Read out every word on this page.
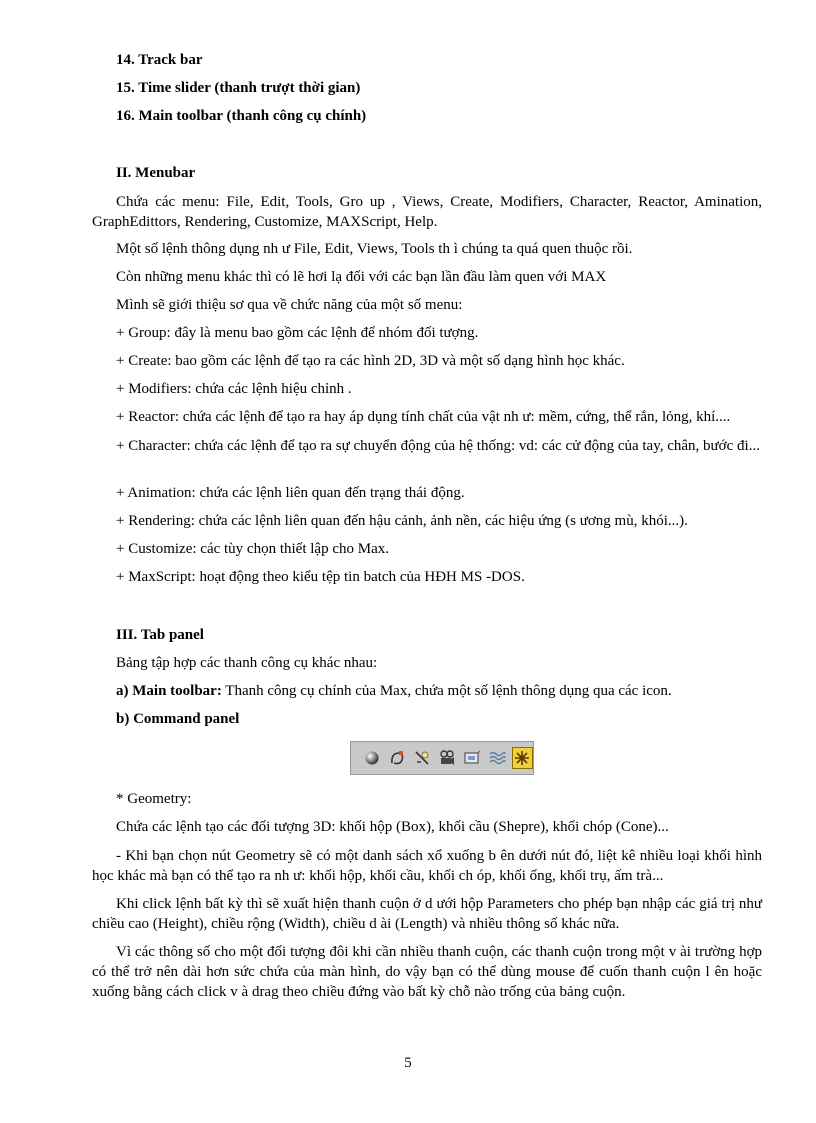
14. Track bar
15. Time slider (thanh trượt thời gian)
16. Main toolbar (thanh công cụ chính)
II. Menubar
Chứa các menu: File, Edit, Tools, Gro up , Views, Create, Modifiers, Character, Reactor, Amination, GraphEdittors, Rendering, Customize, MAXScript, Help.
Một số lệnh thông dụng nh ư File, Edit, Views, Tools th ì chúng ta quá quen thuộc rồi.
Còn những menu khác thì có lẽ hơi lạ đối với các bạn lần đầu làm quen với MAX
Mình sẽ giới thiệu sơ qua về chức năng của một số menu:
+ Group: đây là menu bao gồm các lệnh để nhóm đối tượng.
+ Create: bao gồm các lệnh để tạo ra các hình 2D, 3D và một số dạng hình học khác.
+ Modifiers: chứa các lệnh hiệu chỉnh .
+ Reactor: chứa các lệnh để tạo ra hay áp dụng tính chất của vật nh ư: mềm, cứng, thể rắn, lỏng, khí....
+ Character: chứa các lệnh để tạo ra sự chuyển động của hệ thống: vd: các cử động của tay, chân, bước đi...
+ Animation: chứa các lệnh liên quan đến trạng thái động.
+ Rendering: chứa các lệnh liên quan đến hậu cảnh, ảnh nền, các hiệu ứng (s ương mù, khói...).
+ Customize: các tùy chọn thiết lập cho Max.
+ MaxScript: hoạt động theo kiểu tệp tin batch của HĐH MS -DOS.
III. Tab panel
Bảng tập hợp các thanh công cụ khác nhau:
a) Main toolbar: Thanh công cụ chính của Max, chứa một số lệnh thông dụng qua các icon.
b) Command panel
* Geometry:
Chứa các lệnh tạo các đối tượng 3D: khối hộp (Box), khối cầu (Shepre), khối chóp (Cone)...
- Khi bạn chọn nút Geometry sẽ có một danh sách xổ xuống b ên dưới nút đó, liệt kê nhiều loại khối hình học khác mà bạn có thể tạo ra nh ư: khối hộp, khối cầu, khối ch óp, khối ống, khối trụ, ấm trà...
Khi click lệnh bất kỳ thì sẽ xuất hiện thanh cuộn ở d ưới hộp Parameters cho phép bạn nhập các giá trị như chiều cao (Height), chiều rộng (Width), chiều d ài (Length) và nhiều thông số khác nữa.
Vì các thông số cho một đối tượng đôi khi cần nhiều thanh cuộn, các thanh cuộn trong một v ài trường hợp có thể trở nên dài hơn sức chứa của màn hình, do vậy bạn có thể dùng mouse để cuốn thanh cuộn l ên hoặc xuống bằng cách click v à drag theo chiều đứng vào bất kỳ chỗ nào trống của bảng cuộn.
5
